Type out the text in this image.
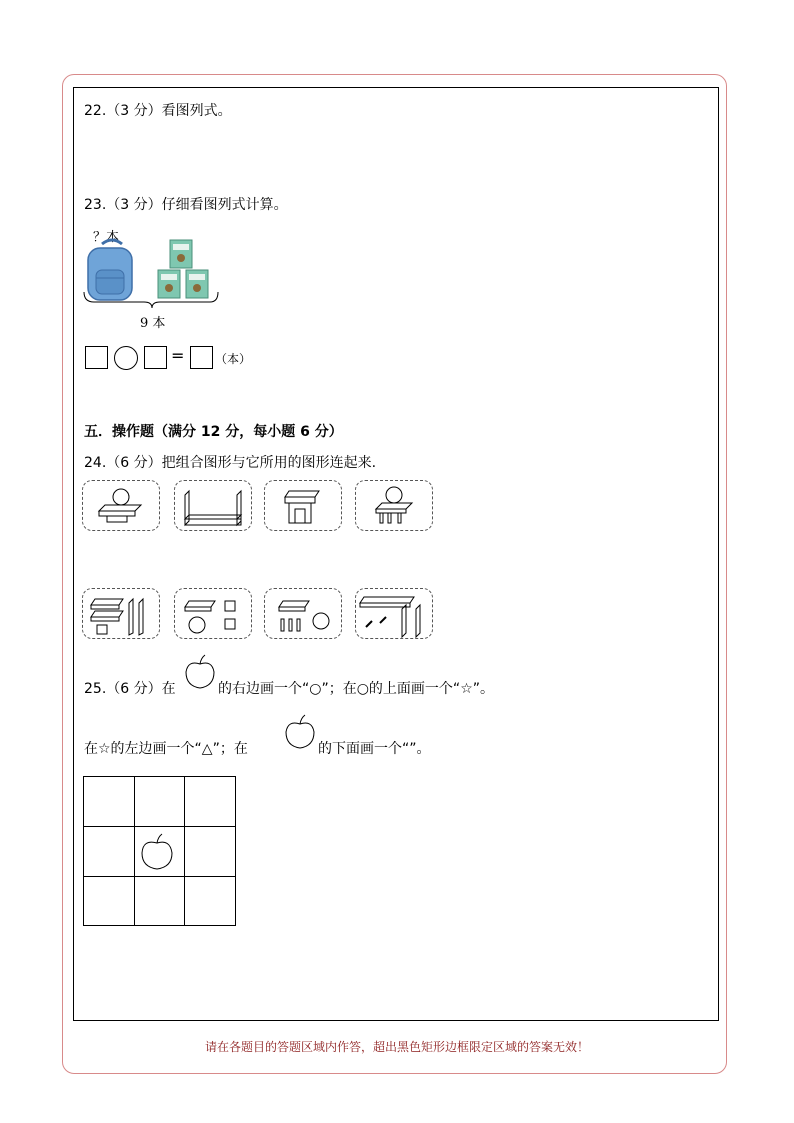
22.（3 分）看图列式。
23.（3 分）仔细看图列式计算。
？本
9 本
=	（本）
五．操作题（满分 12 分，每小题 6 分）
24.（6 分）把组合图形与它所用的图形连起来.
25.（6 分）在	的右边画一个“○”；在○的上面画一个“☆”。
在☆的左边画一个“△”；在	的下面画一个“”。
请在各题目的答题区域内作答，超出黑色矩形边框限定区域的答案无效！
